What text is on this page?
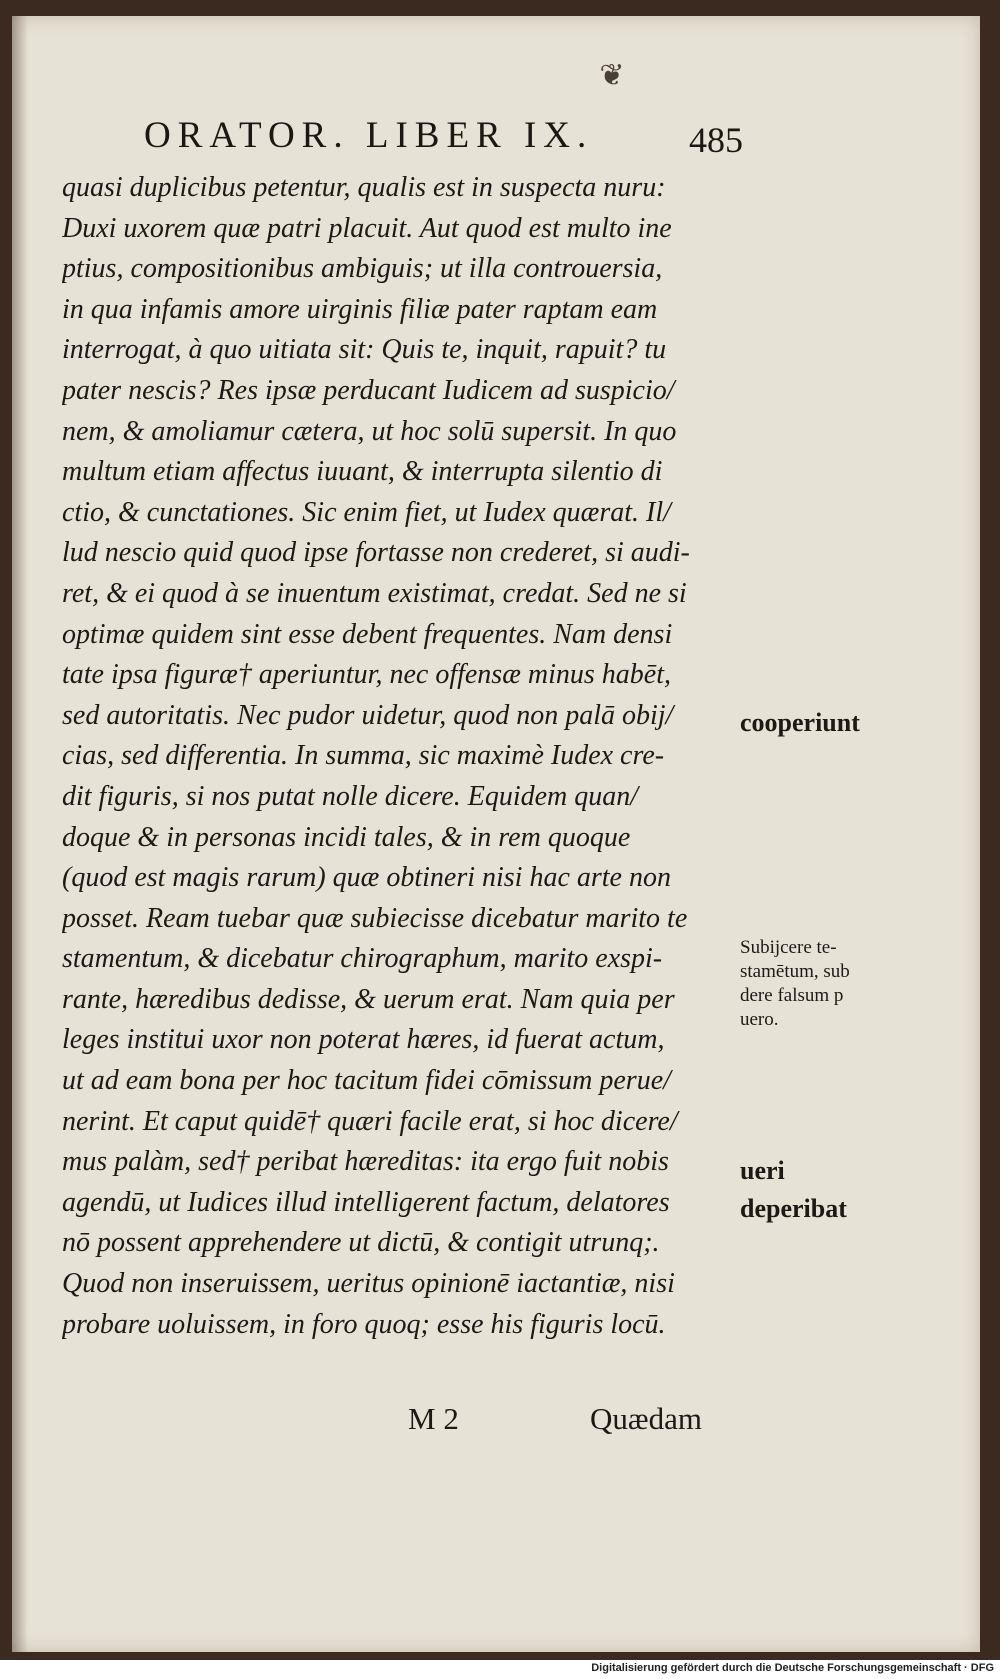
❦
ORATOR. LIBER IX.	485
quasi duplicibus petentur, qualis est in suspecta nuru:
Duxi uxorem quæ patri placuit. Aut quod est multo ine
ptius, compositionibus ambiguis; ut illa controuersia,
in qua infamis amore uirginis filiæ pater raptam eam
interrogat, à quo uitiata sit: Quis te, inquit, rapuit? tu
pater nescis? Res ipsæ perducant Iudicem ad suspicio/
nem, & amoliamur cætera, ut hoc solū supersit. In quo
multum etiam affectus iuuant, & interrupta silentio di
ctio, & cunctationes. Sic enim fiet, ut Iudex quærat. Il/
lud nescio quid quod ipse fortasse non crederet, si audi-
ret, & ei quod à se inuentum existimat, credat. Sed ne si
optimæ quidem sint esse debent frequentes. Nam densi
tate ipsa figuræ† aperiuntur, nec offensæ minus habēt,
sed autoritatis. Nec pudor uidetur, quod non palā obij/
cias, sed differentia. In summa, sic maximè Iudex cre-
dit figuris, si nos putat nolle dicere. Equidem quan/
doque & in personas incidi tales, & in rem quoque
(quod est magis rarum) quæ obtineri nisi hac arte non
posset. Ream tuebar quæ subiecisse dicebatur marito te
stamentum, & dicebatur chirographum, marito exspi-
rante, hæredibus dedisse, & uerum erat. Nam quia per
leges institui uxor non poterat hæres, id fuerat actum,
ut ad eam bona per hoc tacitum fidei cōmissum perue/
nerint. Et caput quidē† quæri facile erat, si hoc dicere/
mus palàm, sed† peribat hæreditas: ita ergo fuit nobis
agendū, ut Iudices illud intelligerent factum, delatores
nō possent apprehendere ut dictū, & contigit utrunq;.
Quod non inseruissem, ueritus opinionē iactantiæ, nisi
probare uoluissem, in foro quoq; esse his figuris locū.
cooperiunt
Subijcere te-
stamētum, sub
dere falsum p
uero.
ueri
deperibat
M 2	Quædam
Digitalisierung gefördert durch die Deutsche Forschungsgemeinschaft · DFG
